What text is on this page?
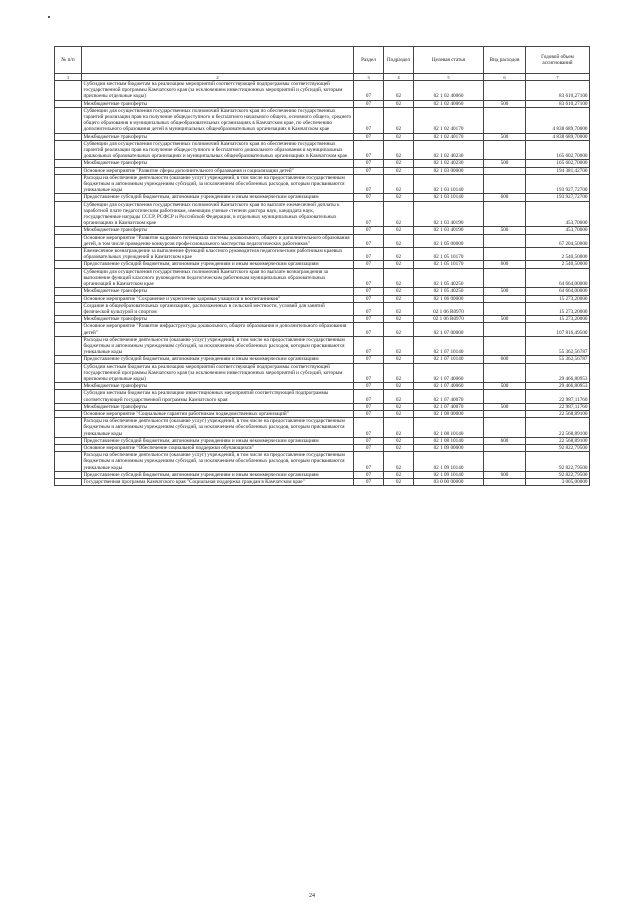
№ п/п		Раздел	Подраздел	Целевая статья	Вид расходов	Годовой объем ассигнований
1	2	3	4	5	6	7
	Субсидии местным бюджетам на реализацию мероприятий соответствующей подпрограммы соответствующей государственной программы Камчатского края (за исключением инвестиционных мероприятий и субсидий, которым присвоены отдельные коды)	07	02	02 1 02 40060		83 610,27100
	Межбюджетные трансферты	07	02	02 1 02 40060	500	83 610,27100
	Субвенции для осуществления государственных полномочий Камчатского края по обеспечению государственных гарантий реализации прав на получение общедоступного и бесплатного начального общего, основного общего, среднего общего образования в муниципальных общеобразовательных организациях в Камчатском крае, по обеспечению дополнительного образования детей в муниципальных общеобразовательных организациях в Камчатском крае	07	02	02 1 02 40170		4 838 689,70000
	Межбюджетные трансферты	07	02	02 1 02 40170	500	4 838 689,70000
	Субвенции для осуществления государственных полномочий Камчатского края по обеспечению государственных гарантий реализации прав на получение общедоступного и бесплатного дошкольного образования в муниципальных дошкольных образовательных организациях и муниципальных общеобразовательных организациях в Камчатском крае	07	02	02 1 02 40230		165 602,70000
	Межбюджетные трансферты	07	02	02 1 02 40230	500	165 602,70000
	Основное мероприятие "Развитие сферы дополнительного образования и социализации детей"	07	02	02 1 03 00000		194 381,42700
	Расходы на обеспечение деятельности (оказание услуг) учреждений, в том числе на предоставление государственным бюджетным и автономным учреждениям субсидий, за исключением обособленных расходов, которым присваиваются уникальные коды	07	02	02 1 03 10140		193 927,72700
	Предоставление субсидий бюджетным, автономным учреждениям и иным некоммерческим организациям	07	02	02 1 03 10140	600	193 927,72700
	Субвенции для осуществления государственных полномочий Камчатского края по выплате ежемесячной доплаты к заработной плате педагогическим работникам, имеющим ученые степени доктора наук, кандидата наук, государственные награды СССР, РСФСР и Российской Федерации, в отдельных муниципальных образовательных организациях в Камчатском крае	07	02	02 1 03 40190		453,70000
	Межбюджетные трансферты	07	02	02 1 03 40190	500	453,70000
	Основное мероприятие "Развитие кадрового потенциала системы дошкольного, общего и дополнительного образования детей, в том числе проведение конкурсов профессионального мастерства педагогических работников"	07	02	02 1 05 00000		67 204,50000
	Ежемесячное вознаграждение за выполнение функций классного руководителя педагогическим работникам краевых образовательных учреждений в Камчатском крае	07	02	02 1 05 10170		2 540,50000
	Предоставление субсидий бюджетным, автономным учреждениям и иным некоммерческим организациям	07	02	02 1 05 10170	600	2 540,50000
	Субвенции для осуществления государственных полномочий Камчатского края по выплате вознаграждения за выполнение функций классного руководителя педагогическим работникам муниципальных образовательных организаций в Камчатском крае	07	02	02 1 05 40250		64 664,00000
	Межбюджетные трансферты	07	02	02 1 05 40250	500	64 664,00000
	Основное мероприятие "Сохранение и укрепление здоровья учащихся и воспитанников"	07	02	02 1 06 00000		15 273,20000
	Создание в общеобразовательных организациях, расположенных в сельской местности, условий для занятий физической культурой и спортом	07	02	02 1 06 R0970		15 273,20000
	Межбюджетные трансферты	07	02	02 1 06 R0970	500	15 273,20000
	Основное мероприятие "Развитие инфраструктуры дошкольного, общего образования и дополнительного образования детей"	07	02	02 1 07 00000		107 816,49500
	Расходы на обеспечение деятельности (оказание услуг) учреждений, в том числе на предоставление государственным бюджетным и автономным учреждениям субсидий, за исключением обособленных расходов, которым присваиваются уникальные коды	07	02	02 1 07 10140		55 362,56787
	Предоставление субсидий бюджетным, автономным учреждениям и иным некоммерческим организациям	07	02	02 1 07 10140	600	55 362,56787
	Субсидии местным бюджетам на реализацию мероприятий соответствующей подпрограммы соответствующей государственной программы Камчатского края (за исключением инвестиционных мероприятий и субсидий, которым присвоены отдельные коды)	07	02	02 1 07 40060		29 466,80953
	Межбюджетные трансферты	07	02	02 1 07 40060	500	29 466,80953
	Субсидии местным бюджетам на реализацию инвестиционных мероприятий соответствующей подпрограммы соответствующей государственной программы Камчатского края	07	02	02 1 07 40070		22 987,11760
	Межбюджетные трансферты	07	02	02 1 07 40070	500	22 987,11760
	Основное мероприятие "Социальные гарантии работникам подведомственных организаций"	07	02	02 1 08 00000		22 568,89100
	Расходы на обеспечение деятельности (оказание услуг) учреждений, в том числе на предоставление государственным бюджетным и автономным учреждениям субсидий, за исключением обособленных расходов, которым присваиваются уникальные коды	07	02	02 1 08 10140		22 568,89100
	Предоставление субсидий бюджетным, автономным учреждениям и иным некоммерческим организациям	07	02	02 1 08 10140	600	22 568,89100
	Основное мероприятие "Обеспечение социальной поддержки обучающихся"	07	02	02 1 09 00000		92 822,79500
	Расходы на обеспечение деятельности (оказание услуг) учреждений, в том числе на предоставление государственным бюджетным и автономным учреждениям субсидий, за исключением обособленных расходов, которым присваиваются уникальные коды	07	02	02 1 09 10140		92 822,79500
	Предоставление субсидий бюджетным, автономным учреждениям и иным некоммерческим организациям	07	02	02 1 09 10140	600	92 822,79500
	Государственная программа Камчатского края "Социальная поддержка граждан в Камчатском крае"	07	02	03 0 00 00000		3 005,00000
24
